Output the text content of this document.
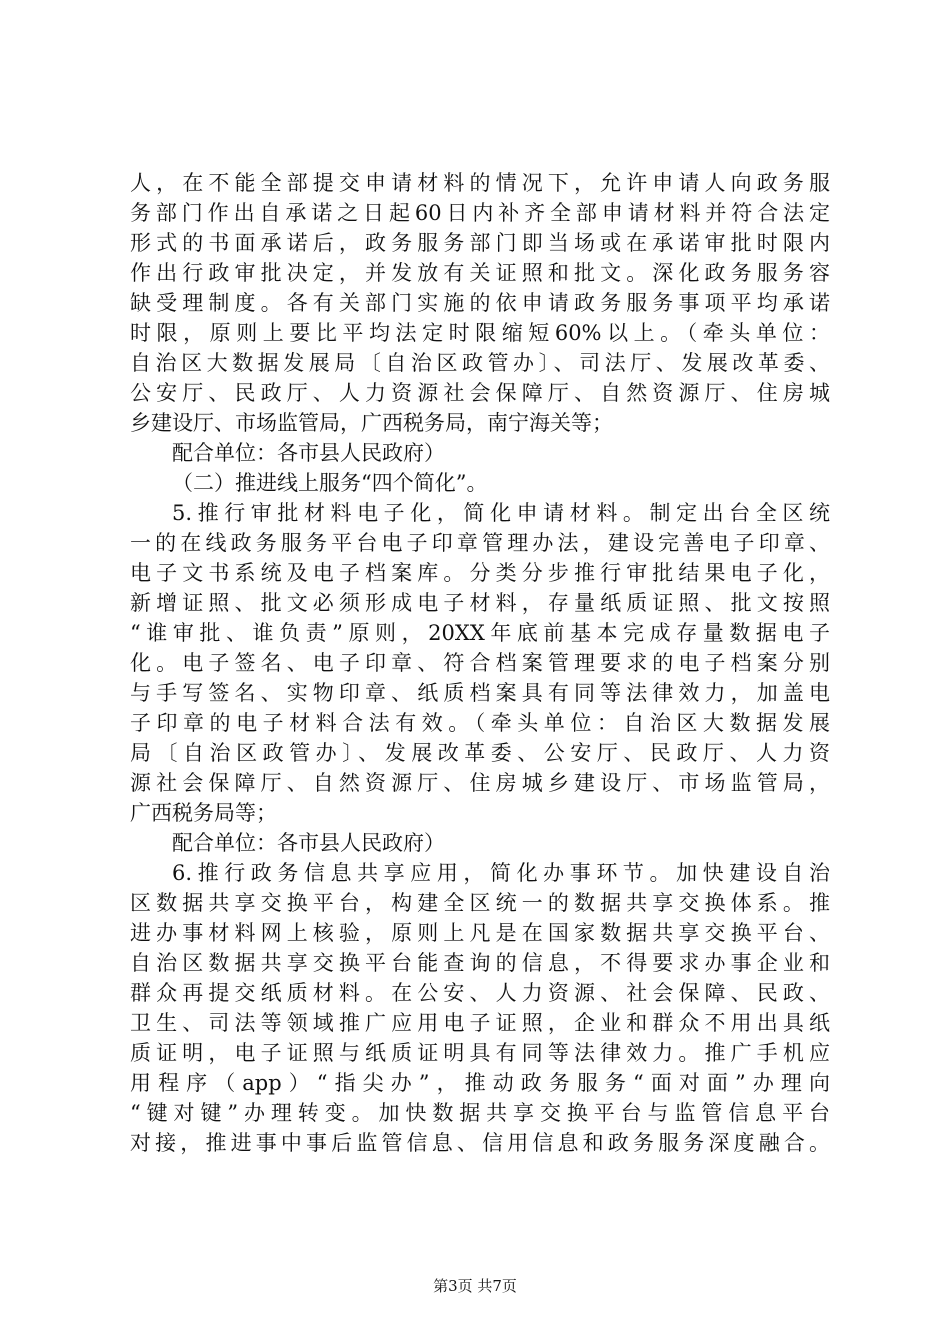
人，在不能全部提交申请材料的情况下，允许申请人向政务服
务部门作出自承诺之日起60日内补齐全部申请材料并符合法定
形式的书面承诺后，政务服务部门即当场或在承诺审批时限内
作出行政审批决定，并发放有关证照和批文。深化政务服务容
缺受理制度。各有关部门实施的依申请政务服务事项平均承诺
时限，原则上要比平均法定时限缩短60%以上。（牵头单位：
自治区大数据发展局〔自治区政管办〕、司法厅、发展改革委、
公安厅、民政厅、人力资源社会保障厅、自然资源厅、住房城
乡建设厅、市场监管局，广西税务局，南宁海关等；
配合单位：各市县人民政府）
（二）推进线上服务“四个简化”。
5.推行审批材料电子化，简化申请材料。制定出台全区统
一的在线政务服务平台电子印章管理办法，建设完善电子印章、
电子文书系统及电子档案库。分类分步推行审批结果电子化，
新增证照、批文必须形成电子材料，存量纸质证照、批文按照
“谁审批、谁负责”原则，20XX年底前基本完成存量数据电子
化。电子签名、电子印章、符合档案管理要求的电子档案分别
与手写签名、实物印章、纸质档案具有同等法律效力，加盖电
子印章的电子材料合法有效。（牵头单位：自治区大数据发展
局〔自治区政管办〕、发展改革委、公安厅、民政厅、人力资
源社会保障厅、自然资源厅、住房城乡建设厅、市场监管局，
广西税务局等；
配合单位：各市县人民政府）
6.推行政务信息共享应用，简化办事环节。加快建设自治
区数据共享交换平台，构建全区统一的数据共享交换体系。推
进办事材料网上核验，原则上凡是在国家数据共享交换平台、
自治区数据共享交换平台能查询的信息，不得要求办事企业和
群众再提交纸质材料。在公安、人力资源、社会保障、民政、
卫生、司法等领域推广应用电子证照，企业和群众不用出具纸
质证明，电子证照与纸质证明具有同等法律效力。推广手机应
用程序（app）“指尖办”，推动政务服务“面对面”办理向
“键对键”办理转变。加快数据共享交换平台与监管信息平台
对接，推进事中事后监管信息、信用信息和政务服务深度融合。
第3页 共7页
